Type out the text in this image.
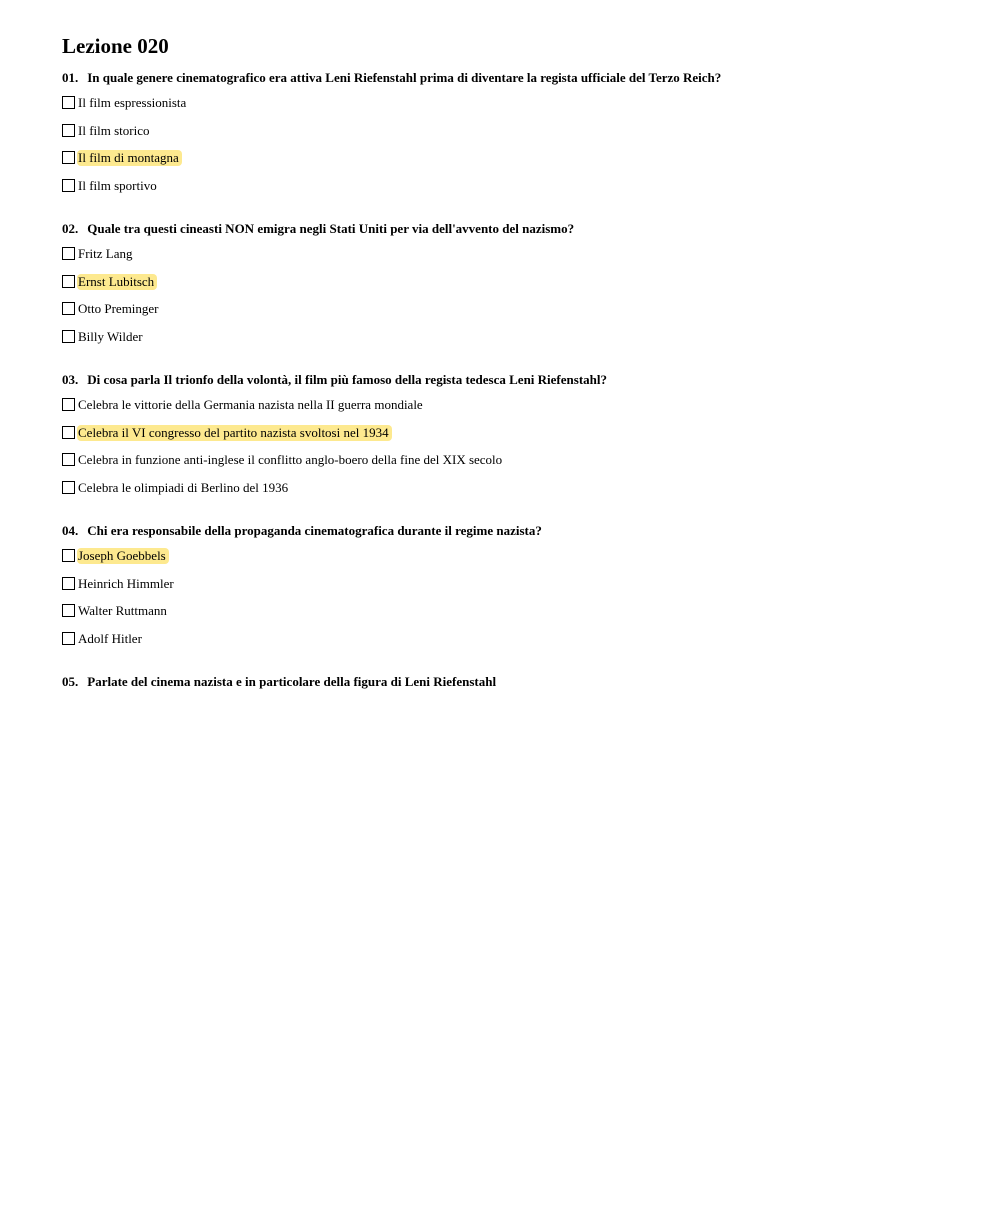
Lezione 020
01. In quale genere cinematografico era attiva Leni Riefenstahl prima di diventare la regista ufficiale del Terzo Reich?
Il film espressionista
Il film storico
Il film di montagna
Il film sportivo
02. Quale tra questi cineasti NON emigra negli Stati Uniti per via dell'avvento del nazismo?
Fritz Lang
Ernst Lubitsch
Otto Preminger
Billy Wilder
03. Di cosa parla Il trionfo della volontà, il film più famoso della regista tedesca Leni Riefenstahl?
Celebra le vittorie della Germania nazista nella II guerra mondiale
Celebra il VI congresso del partito nazista svoltosi nel 1934
Celebra in funzione anti-inglese il conflitto anglo-boero della fine del XIX secolo
Celebra le olimpiadi di Berlino del 1936
04. Chi era responsabile della propaganda cinematografica durante il regime nazista?
Joseph Goebbels
Heinrich Himmler
Walter Ruttmann
Adolf Hitler
05. Parlate del cinema nazista e in particolare della figura di Leni Riefenstahl
